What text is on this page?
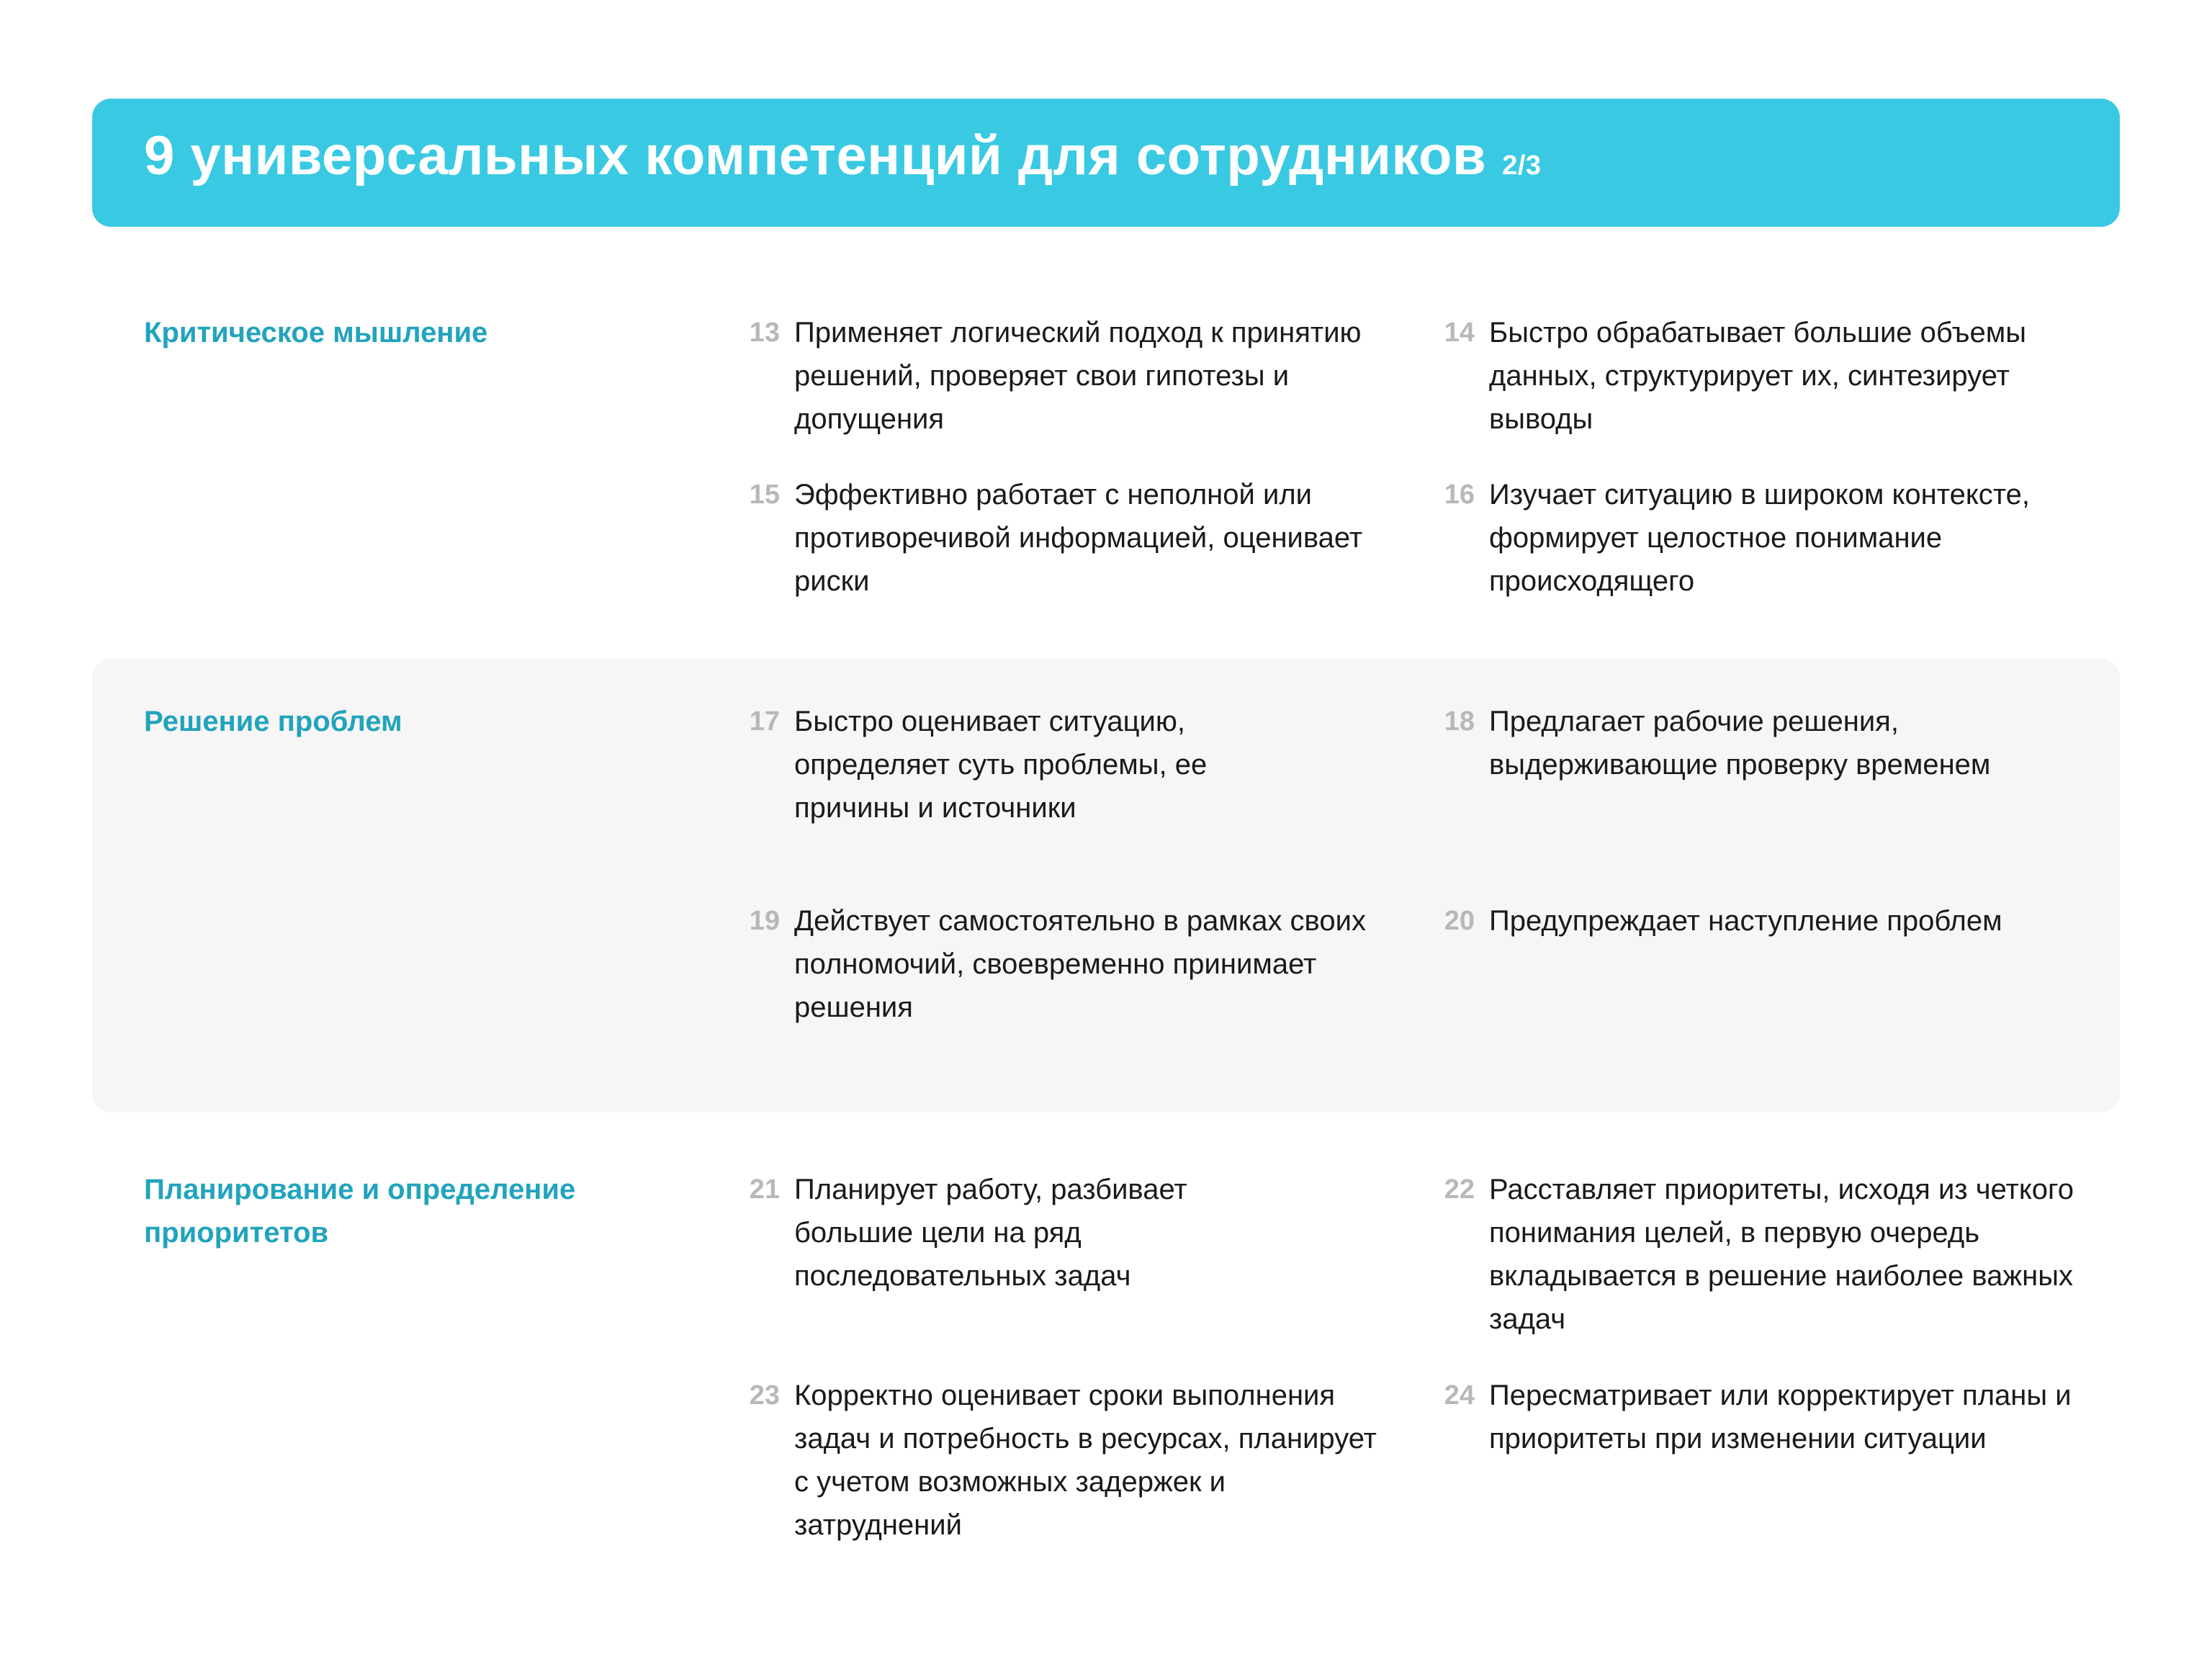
9 универсальных компетенций для сотрудников 2/3
Критическое мышление	13 Применяет логический подход к принятию решений, проверяет свои гипотезы и допущения
14 Быстро обрабатывает большие объемы данных, структурирует их, синтезирует выводы
15 Эффективно работает с неполной или противоречивой информацией, оценивает риски
16 Изучает ситуацию в широком контексте, формирует целостное понимание происходящего
Решение проблем	17 Быстро оценивает ситуацию, определяет суть проблемы, ее причины и источники
18 Предлагает рабочие решения, выдерживающие проверку временем
19 Действует самостоятельно в рамках своих полномочий, своевременно принимает решения
20 Предупреждает наступление проблем
Планирование и определение приоритетов
21 Планирует работу, разбивает большие цели на ряд последовательных задач
22 Расставляет приоритеты, исходя из четкого понимания целей, в первую очередь вкладывается в решение наиболее важных задач
23 Корректно оценивает сроки выполнения задач и потребность в ресурсах, планирует с учетом возможных задержек и затруднений
24 Пересматривает или корректирует планы и приоритеты при изменении ситуации
